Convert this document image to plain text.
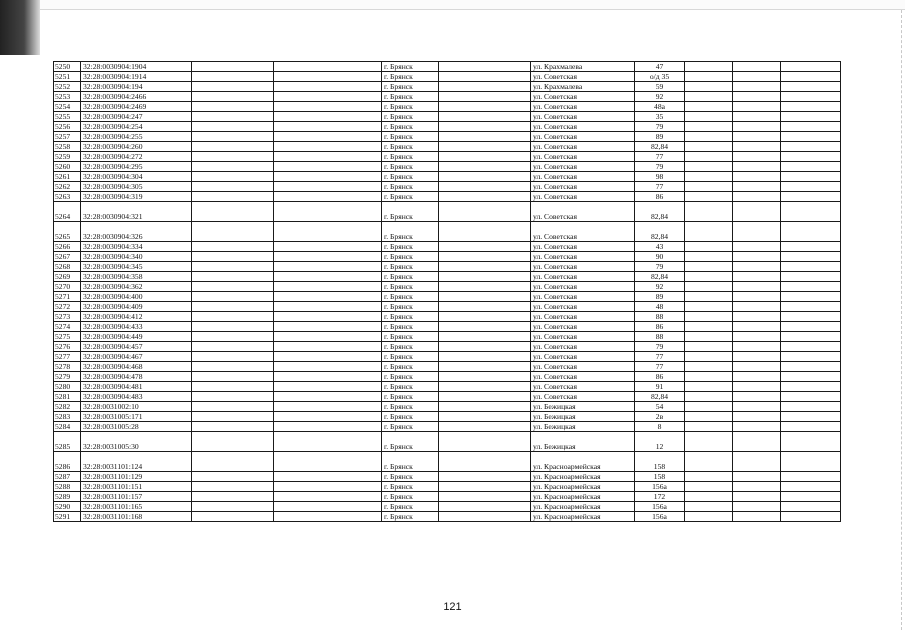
5250	32:28:0030904:1904			г. Брянск		ул. Крахмалева	47			
5251	32:28:0030904:1914			г. Брянск		ул. Советская	о/д 35			
5252	32:28:0030904:194			г. Брянск		ул. Крахмалева	59			
5253	32:28:0030904:2466			г. Брянск		ул. Советская	92			
5254	32:28:0030904:2469			г. Брянск		ул. Советская	48а			
5255	32:28:0030904:247			г. Брянск		ул. Советская	35			
5256	32:28:0030904:254			г. Брянск		ул. Советская	79			
5257	32:28:0030904:255			г. Брянск		ул. Советская	89			
5258	32:28:0030904:260			г. Брянск		ул. Советская	82,84			
5259	32:28:0030904:272			г. Брянск		ул. Советская	77			
5260	32:28:0030904:295			г. Брянск		ул. Советская	79			
5261	32:28:0030904:304			г. Брянск		ул. Советская	98			
5262	32:28:0030904:305			г. Брянск		ул. Советская	77			
5263	32:28:0030904:319			г. Брянск		ул. Советская	86			
5264	32:28:0030904:321			г. Брянск		ул. Советская	82,84			
5265	32:28:0030904:326			г. Брянск		ул. Советская	82,84			
5266	32:28:0030904:334			г. Брянск		ул. Советская	43			
5267	32:28:0030904:340			г. Брянск		ул. Советская	90			
5268	32:28:0030904:345			г. Брянск		ул. Советская	79			
5269	32:28:0030904:358			г. Брянск		ул. Советская	82,84			
5270	32:28:0030904:362			г. Брянск		ул. Советская	92			
5271	32:28:0030904:400			г. Брянск		ул. Советская	89			
5272	32:28:0030904:409			г. Брянск		ул. Советская	48			
5273	32:28:0030904:412			г. Брянск		ул. Советская	88			
5274	32:28:0030904:433			г. Брянск		ул. Советская	86			
5275	32:28:0030904:449			г. Брянск		ул. Советская	88			
5276	32:28:0030904:457			г. Брянск		ул. Советская	79			
5277	32:28:0030904:467			г. Брянск		ул. Советская	77			
5278	32:28:0030904:468			г. Брянск		ул. Советская	77			
5279	32:28:0030904:478			г. Брянск		ул. Советская	86			
5280	32:28:0030904:481			г. Брянск		ул. Советская	91			
5281	32:28:0030904:483			г. Брянск		ул. Советская	82,84			
5282	32:28:0031002:10			г. Брянск		ул. Бежицкая	54			
5283	32:28:0031005:171			г. Брянск		ул. Бежицкая	2в			
5284	32:28:0031005:28			г. Брянск		ул. Бежицкая	8			
5285	32:28:0031005:30			г. Брянск		ул. Бежицкая	12			
5286	32:28:0031101:124			г. Брянск		ул. Красноармейская	158			
5287	32:28:0031101:129			г. Брянск		ул. Красноармейская	158			
5288	32:28:0031101:151			г. Брянск		ул. Красноармейская	156а			
5289	32:28:0031101:157			г. Брянск		ул. Красноармейская	172			
5290	32:28:0031101:165			г. Брянск		ул. Красноармейская	156а			
5291	32:28:0031101:168			г. Брянск		ул. Красноармейская	156а			
121
